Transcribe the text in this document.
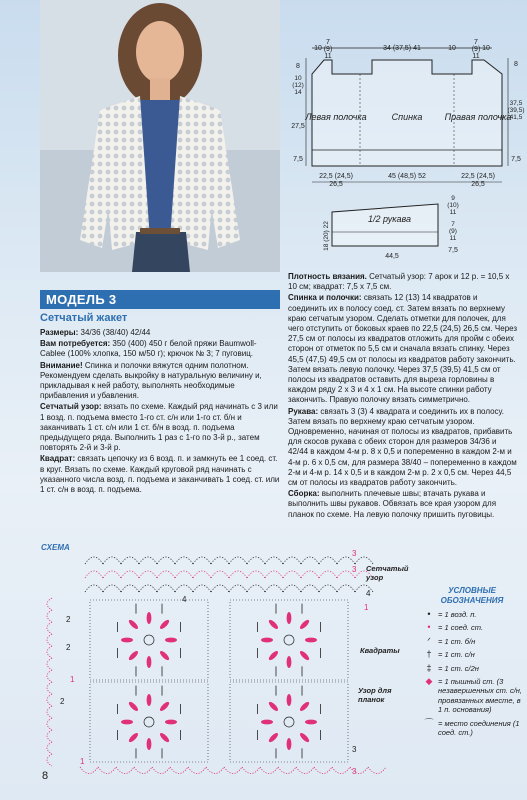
10
7
(9)
11
34 (37,5) 41	10
7
(9)
11
10
8
10
(12)
14
27,5
7,5
8
37,5
(39,5)
41,5
7,5
Левая полочка	Спинка Правая полочка
22,5 (24,5)
26,5
45 (48,5) 52	22,5 (24,5)
26,5
1/2 рукава
18 (20) 22
44,5
9
(10)
11
7
(9)
11
7,5
МОДЕЛЬ 3
Сетчатый жакет

Размеры: 34/36 (38/40) 42/44

Вам потребуется: 350 (400) 450 г белой пряжи Baumwoll-Cablee (100% хлопка, 150 м/50 г); крючок № 3; 7 пуговиц.

Внимание! Спинка и полочки вяжутся одним полотном. Рекомендуем сделать выкройку в натуральную величину и, прикладывая к ней работу, выполнять необходимые прибавления и убавления.

Сетчатый узор: вязать по схеме. Каждый ряд начинать с 3 или 1 возд. п. подъема вместо 1-го ст. с/н или 1-го ст. б/н и заканчивать 1 ст. с/н или 1 ст. б/н в возд. п. подъема предыдущего ряда. Выполнить 1 раз с 1-го по 3-й р., затем повторять 2-й и 3-й р.

Квадрат: связать цепочку из 6 возд. п. и замкнуть ее 1 соед. ст. в круг. Вязать по схеме. Каждый круговой ряд начинать с указанного числа возд. п. подъема и заканчивать 1 соед. ст. или 1 ст. с/н в возд. п. подъема.

Плотность вязания. Сетчатый узор: 7 арок и 12 р. = 10,5 х 10 см; квадрат: 7,5 х 7,5 см.

Спинка и полочки: связать 12 (13) 14 квадратов и соединить их в полосу соед. ст. Затем вязать по верхнему краю сетчатым узором. Сделать отметки для полочек, для чего отступить от боковых краев по 22,5 (24,5) 26,5 см. Через 27,5 см от полосы из квадратов отложить для пройм с обеих сторон от отметок по 5,5 см и сначала вязать спинку. Через 45,5 (47,5) 49,5 см от полосы из квадратов работу закончить. Затем вязать левую полочку. Через 37,5 (39,5) 41,5 см от полосы из квадратов оставить для выреза горловины в каждом ряду 2 х 3 и 4 х 1 см. На высоте спинки работу закончить. Правую полочку вязать симметрично.

Рукава: связать 3 (3) 4 квадрата и соединить их в полосу. Затем вязать по верхнему краю сетчатым узором. Одновременно, начиная от полосы из квадратов, прибавить для скосов рукава с обеих сторон для размеров 34/36 и 42/44 в каждом 4-м р. 8 х 0,5 и попеременно в каждом 2-м и 4-м р. 6 х 0,5 см, для размера 38/40 – попеременно в каждом 2-м и 4-м р. 14 х 0,5 и в каждом 2-м р. 2 х 0,5 см. Через 44,5 см от полосы из квадратов работу закончить.

Сборка: выполнить плечевые швы; втачать рукава и выполнить швы рукавов. Обвязать все края узором для планок по схеме. На левую полочку пришить пуговицы.

СХЕМА
1
2
3
4
3
4
1
2
3
2
1
3
Сетчатый узор
Квадраты
Узор для планок
УСЛОВНЫЕ ОБОЗНАЧЕНИЯ
• = 1 возд. п.
• = 1 соед. ст.
ᐟ = 1 ст. б/н
† = 1 ст. с/н
‡ = 1 ст. с/2н
◆ = 1 пышный ст. (3 незавершенных ст. с/н, провязанных вместе, в 1 п. основания)
⌒ = место соединения (1 соед. ст.)
8
